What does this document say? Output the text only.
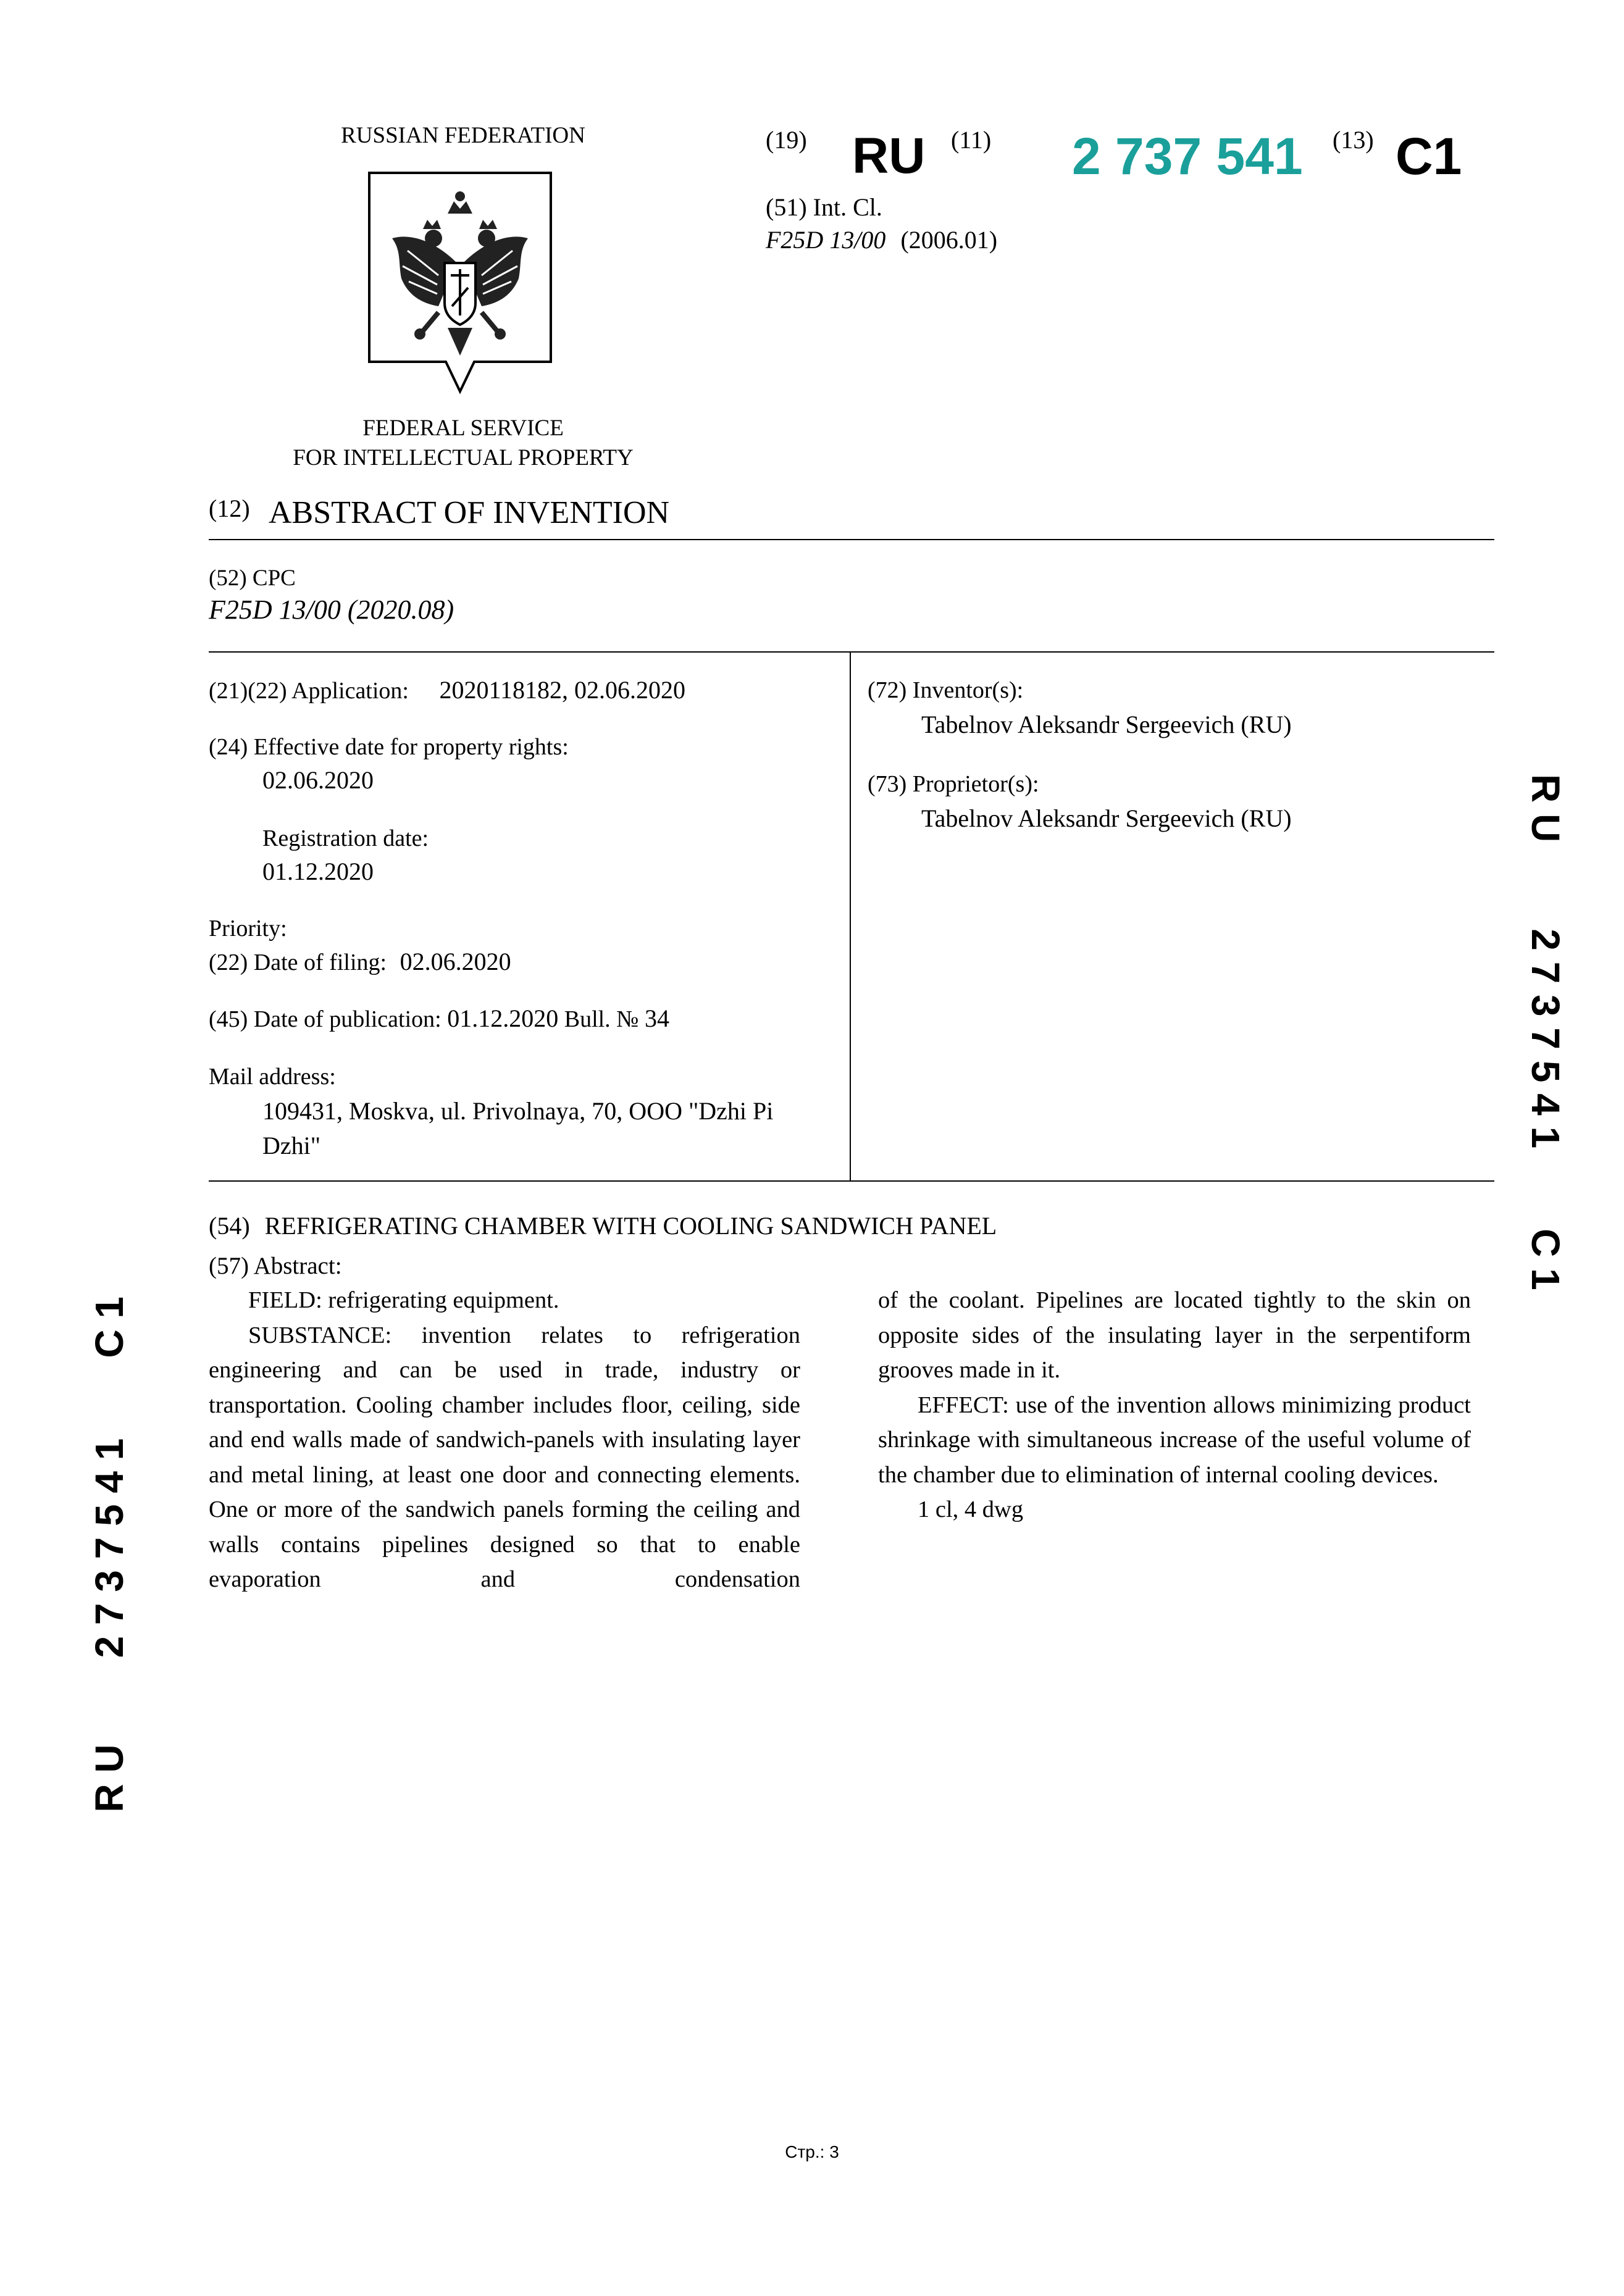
RUSSIAN FEDERATION
FEDERAL SERVICE
FOR INTELLECTUAL PROPERTY
(19) RU (11) 2 737 541 (13) C1
(51) Int. Cl.
F25D 13/00 (2006.01)
(12) ABSTRACT OF INVENTION
(52) CPC
F25D 13/00 (2020.08)
(21)(22) Application: 2020118182, 02.06.2020
(24) Effective date for property rights:
02.06.2020
Registration date:
01.12.2020
Priority:
(22) Date of filing: 02.06.2020
(45) Date of publication: 01.12.2020 Bull. № 34
Mail address:
109431, Moskva, ul. Privolnaya, 70, OOO "Dzhi Pi
Dzhi"
(72) Inventor(s):
Tabelnov Aleksandr Sergeevich (RU)
(73) Proprietor(s):
Tabelnov Aleksandr Sergeevich (RU)
(54) REFRIGERATING CHAMBER WITH COOLING SANDWICH PANEL
(57) Abstract:

FIELD: refrigerating equipment.

SUBSTANCE: invention relates to refrigeration engineering and can be used in trade, industry or transportation. Cooling chamber includes floor, ceiling, side and end walls made of sandwich-panels with insulating layer and metal lining, at least one door and connecting elements. One or more of the sandwich panels forming the ceiling and walls contains pipelines designed so that to enable evaporation and condensation

of the coolant. Pipelines are located tightly to the skin on opposite sides of the insulating layer in the serpentiform grooves made in it.

EFFECT: use of the invention allows minimizing product shrinkage with simultaneous increase of the useful volume of the chamber due to elimination of internal cooling devices.

1 cl, 4 dwg

R U2 7 3 7 5 4 1C 1
R U2 7 3 7 5 4 1C 1
Стр.: 3
